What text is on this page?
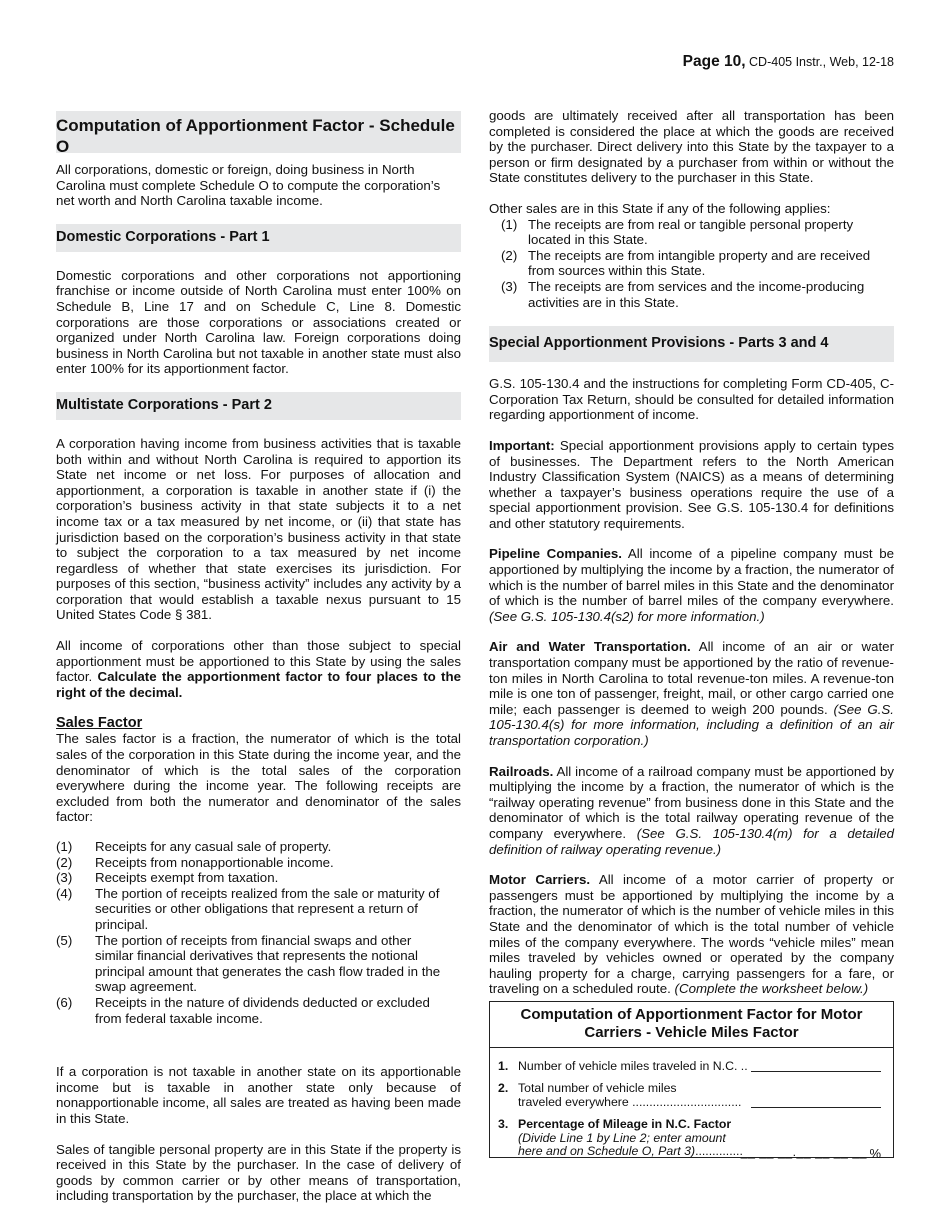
Page 10, CD-405 Instr., Web, 12-18
Computation of Apportionment Factor - Schedule O

All corporations, domestic or foreign, doing business in North Carolina must complete Schedule O to compute the corporation’s net worth and North Carolina taxable income.

Domestic Corporations - Part 1

Domestic corporations and other corporations not apportioning franchise or income outside of North Carolina must enter 100% on Schedule B, Line 17 and on Schedule C, Line 8. Domestic corporations are those corporations or associations created or organized under North Carolina law. Foreign corporations doing business in North Carolina but not taxable in another state must also enter 100% for its apportionment factor.

Multistate Corporations - Part 2

A corporation having income from business activities that is taxable both within and without North Carolina is required to apportion its State net income or net loss. For purposes of allocation and apportionment, a corporation is taxable in another state if (i) the corporation’s business activity in that state subjects it to a net income tax or a tax measured by net income, or (ii) that state has jurisdiction based on the corporation’s business activity in that state to subject the corporation to a tax measured by net income regardless of whether that state exercises its jurisdiction. For purposes of this section, “business activity” includes any activity by a corporation that would establish a taxable nexus pursuant to 15 United States Code § 381.

All income of corporations other than those subject to special apportionment must be apportioned to this State by using the sales factor. Calculate the apportionment factor to four places to the right of the decimal.

Sales Factor

The sales factor is a fraction, the numerator of which is the total sales of the corporation in this State during the income year, and the denominator of which is the total sales of the corporation everywhere during the income year. The following receipts are excluded from both the numerator and denominator of the sales factor:

(1) Receipts for any casual sale of property.
(2) Receipts from nonapportionable income.
(3) Receipts exempt from taxation.
(4) The portion of receipts realized from the sale or maturity of securities or other obligations that represent a return of principal.
(5) The portion of receipts from financial swaps and other similar financial derivatives that represents the notional principal amount that generates the cash flow traded in the swap agreement.
(6) Receipts in the nature of dividends deducted or excluded from federal taxable income.

If a corporation is not taxable in another state on its apportionable income but is taxable in another state only because of nonapportionable income, all sales are treated as having been made in this State.

Sales of tangible personal property are in this State if the property is received in this State by the purchaser. In the case of delivery of goods by common carrier or by other means of transportation, including transportation by the purchaser, the place at which the

goods are ultimately received after all transportation has been completed is considered the place at which the goods are received by the purchaser. Direct delivery into this State by the taxpayer to a person or firm designated by a purchaser from within or without the State constitutes delivery to the purchaser in this State.

Other sales are in this State if any of the following applies:
(1) The receipts are from real or tangible personal property located in this State.
(2) The receipts are from intangible property and are received from sources within this State.
(3) The receipts are from services and the income-producing activities are in this State.
Special Apportionment Provisions - Parts 3 and 4

G.S. 105-130.4 and the instructions for completing Form CD-405, C-Corporation Tax Return, should be consulted for detailed information regarding apportionment of income.

Important: Special apportionment provisions apply to certain types of businesses. The Department refers to the North American Industry Classification System (NAICS) as a means of determining whether a taxpayer’s business operations require the use of a special apportionment provision. See G.S. 105-130.4 for definitions and other statutory requirements.

Pipeline Companies. All income of a pipeline company must be apportioned by multiplying the income by a fraction, the numerator of which is the number of barrel miles in this State and the denominator of which is the number of barrel miles of the company everywhere. (See G.S. 105-130.4(s2) for more information.)

Air and Water Transportation. All income of an air or water transportation company must be apportioned by the ratio of revenue-ton miles in North Carolina to total revenue-ton miles. A revenue-ton mile is one ton of passenger, freight, mail, or other cargo carried one mile; each passenger is deemed to weigh 200 pounds. (See G.S. 105-130.4(s) for more information, including a definition of an air transportation corporation.)

Railroads. All income of a railroad company must be apportioned by multiplying the income by a fraction, the numerator of which is the “railway operating revenue” from business done in this State and the denominator of which is the total railway operating revenue of the company everywhere. (See G.S. 105-130.4(m) for a detailed definition of railway operating revenue.)

Motor Carriers. All income of a motor carrier of property or passengers must be apportioned by multiplying the income by a fraction, the numerator of which is the number of vehicle miles in this State and the denominator of which is the total number of vehicle miles of the company everywhere. The words “vehicle miles” mean miles traveled by vehicles owned or operated by the company hauling property for a charge, carrying passengers for a fare, or traveling on a scheduled route. (Complete the worksheet below.)

Computation of Apportionment Factor for Motor Carriers - Vehicle Miles Factor
1. Number of vehicle miles traveled in N.C. ..
2. Total number of vehicle miles
traveled everywhere ................................
3. Percentage of Mileage in N.C. Factor
(Divide Line 1 by Line 2; enter amount
here and on Schedule O, Part 3)..............
__ __ __.__ __ __ __ %
